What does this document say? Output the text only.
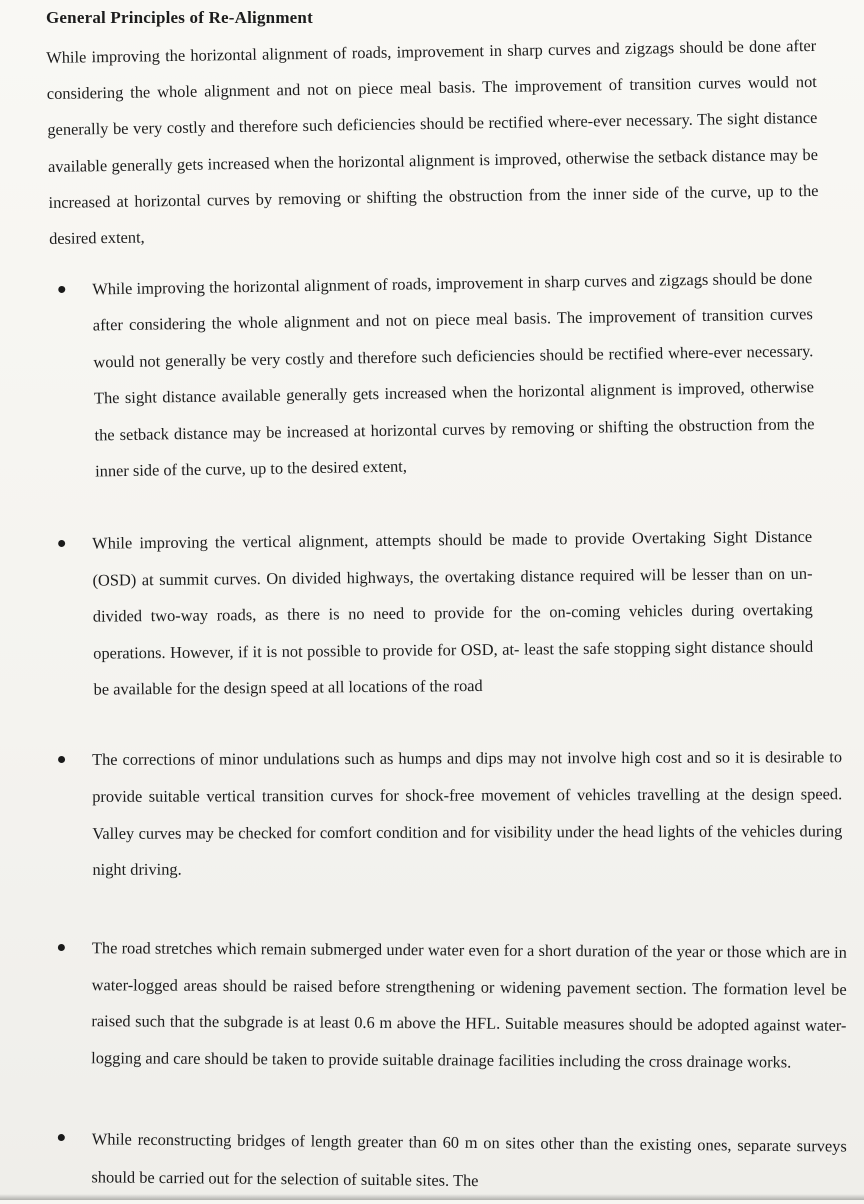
General Principles of Re-Alignment
While improving the horizontal alignment of roads, improvement in sharp curves and zigzags should be done after considering the whole alignment and not on piece meal basis. The improvement of transition curves would not generally be very costly and therefore such deficiencies should be rectified where-ever necessary. The sight distance available generally gets increased when the horizontal alignment is improved, otherwise the setback distance may be increased at horizontal curves by removing or shifting the obstruction from the inner side of the curve, up to the desired extent,
While improving the horizontal alignment of roads, improvement in sharp curves and zigzags should be done after considering the whole alignment and not on piece meal basis. The improvement of transition curves would not generally be very costly and therefore such deficiencies should be rectified where-ever necessary. The sight distance available generally gets increased when the horizontal alignment is improved, otherwise the setback distance may be increased at horizontal curves by removing or shifting the obstruction from the inner side of the curve, up to the desired extent,
While improving the vertical alignment, attempts should be made to provide Overtaking Sight Distance (OSD) at summit curves. On divided highways, the overtaking distance required will be lesser than on un-divided two-way roads, as there is no need to provide for the on-coming vehicles during overtaking operations. However, if it is not possible to provide for OSD, at- least the safe stopping sight distance should be available for the design speed at all locations of the road
The corrections of minor undulations such as humps and dips may not involve high cost and so it is desirable to provide suitable vertical transition curves for shock-free movement of vehicles travelling at the design speed. Valley curves may be checked for comfort condition and for visibility under the head lights of the vehicles during night driving.
The road stretches which remain submerged under water even for a short duration of the year or those which are in water-logged areas should be raised before strengthening or widening pavement section. The formation level be raised such that the subgrade is at least 0.6 m above the HFL. Suitable measures should be adopted against water- logging and care should be taken to provide suitable drainage facilities including the cross drainage works.
While reconstructing bridges of length greater than 60 m on sites other than the existing ones, separate surveys should be carried out for the selection of suitable sites. The
